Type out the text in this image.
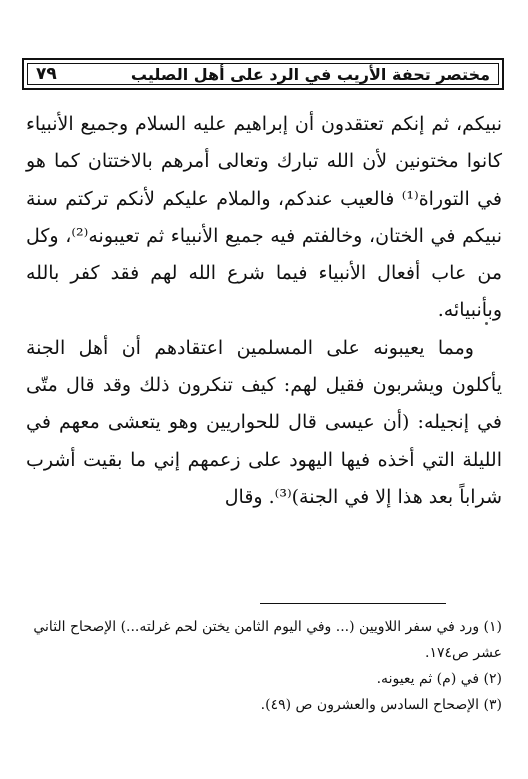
٧٩	مختصر تحفة الأريب في الرد على أهل الصليب

نبيكم، ثم إنكم تعتقدون أن إبراهيم عليه السلام وجميع الأنبياء كانوا مختونين لأن الله تبارك وتعالى أمرهم بالاختتان كما هو في التوراة⁽¹⁾ فالعيب عندكم، والملام عليكم لأنكم تركتم سنة نبيكم في الختان، وخالفتم فيه جميع الأنبياء ثم تعيبونه⁽²⁾، وكل من عاب أفعال الأنبياء فيما شرع الله لهم فقد كفر بالله وبأنبيائه.

ومما يعيبونه على المسلمين اعتقادهم أن أهل الجنة يأكلون ويشربون فقيل لهم: كيف تنكرون ذلك وقد قال متّى في إنجيله: (أن عيسى قال للحواريين وهو يتعشى معهم في الليلة التي أخذه فيها اليهود على زعمهم إني ما بقيت أشرب شراباً بعد هذا إلا في الجنة)⁽³⁾. وقال

(١) ورد في سفر اللاويين (... وفي اليوم الثامن يختن لحم غرلته...) الإصحاح الثاني عشر ص١٧٤.

(٢) في (م) ثم يعيونه.

(٣) الإصحاح السادس والعشرون ص (٤٩).
